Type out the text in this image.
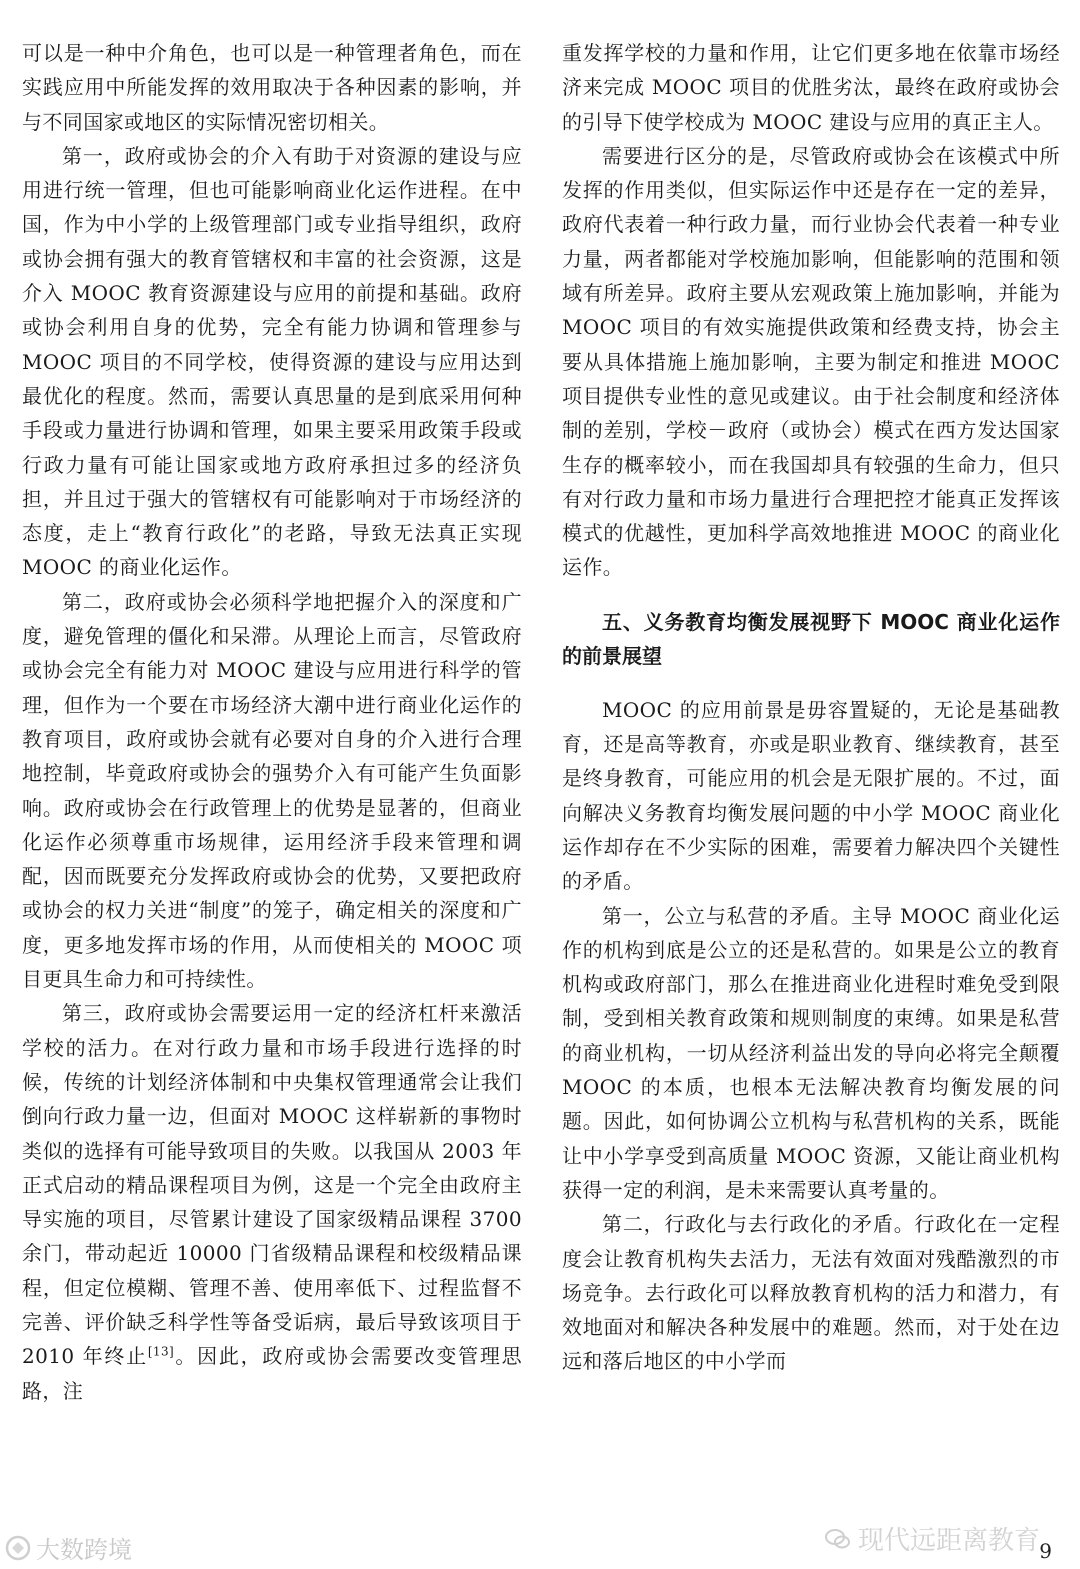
可以是一种中介角色，也可以是一种管理者角色，而在实践应用中所能发挥的效用取决于各种因素的影响，并与不同国家或地区的实际情况密切相关。

第一，政府或协会的介入有助于对资源的建设与应用进行统一管理，但也可能影响商业化运作进程。在中国，作为中小学的上级管理部门或专业指导组织，政府或协会拥有强大的教育管辖权和丰富的社会资源，这是介入 MOOC 教育资源建设与应用的前提和基础。政府或协会利用自身的优势，完全有能力协调和管理参与 MOOC 项目的不同学校，使得资源的建设与应用达到最优化的程度。然而，需要认真思量的是到底采用何种手段或力量进行协调和管理，如果主要采用政策手段或行政力量有可能让国家或地方政府承担过多的经济负担，并且过于强大的管辖权有可能影响对于市场经济的态度，走上“教育行政化”的老路，导致无法真正实现 MOOC 的商业化运作。

第二，政府或协会必须科学地把握介入的深度和广度，避免管理的僵化和呆滞。从理论上而言，尽管政府或协会完全有能力对 MOOC 建设与应用进行科学的管理，但作为一个要在市场经济大潮中进行商业化运作的教育项目，政府或协会就有必要对自身的介入进行合理地控制，毕竟政府或协会的强势介入有可能产生负面影响。政府或协会在行政管理上的优势是显著的，但商业化运作必须尊重市场规律，运用经济手段来管理和调配，因而既要充分发挥政府或协会的优势，又要把政府或协会的权力关进“制度”的笼子，确定相关的深度和广度，更多地发挥市场的作用，从而使相关的 MOOC 项目更具生命力和可持续性。

第三，政府或协会需要运用一定的经济杠杆来激活学校的活力。在对行政力量和市场手段进行选择的时候，传统的计划经济体制和中央集权管理通常会让我们倒向行政力量一边，但面对 MOOC 这样崭新的事物时类似的选择有可能导致项目的失败。以我国从 2003 年正式启动的精品课程项目为例，这是一个完全由政府主导实施的项目，尽管累计建设了国家级精品课程 3700 余门，带动起近 10000 门省级精品课程和校级精品课程，但定位模糊、管理不善、使用率低下、过程监督不完善、评价缺乏科学性等备受诟病，最后导致该项目于 2010 年终止[13]。因此，政府或协会需要改变管理思路，注

重发挥学校的力量和作用，让它们更多地在依靠市场经济来完成 MOOC 项目的优胜劣汰，最终在政府或协会的引导下使学校成为 MOOC 建设与应用的真正主人。

需要进行区分的是，尽管政府或协会在该模式中所发挥的作用类似，但实际运作中还是存在一定的差异，政府代表着一种行政力量，而行业协会代表着一种专业力量，两者都能对学校施加影响，但能影响的范围和领域有所差异。政府主要从宏观政策上施加影响，并能为 MOOC 项目的有效实施提供政策和经费支持，协会主要从具体措施上施加影响，主要为制定和推进 MOOC 项目提供专业性的意见或建议。由于社会制度和经济体制的差别，学校－政府（或协会）模式在西方发达国家生存的概率较小，而在我国却具有较强的生命力，但只有对行政力量和市场力量进行合理把控才能真正发挥该模式的优越性，更加科学高效地推进 MOOC 的商业化运作。

五、义务教育均衡发展视野下 MOOC 商业化运作的前景展望

MOOC 的应用前景是毋容置疑的，无论是基础教育，还是高等教育，亦或是职业教育、继续教育，甚至是终身教育，可能应用的机会是无限扩展的。不过，面向解决义务教育均衡发展问题的中小学 MOOC 商业化运作却存在不少实际的困难，需要着力解决四个关键性的矛盾。

第一，公立与私营的矛盾。主导 MOOC 商业化运作的机构到底是公立的还是私营的。如果是公立的教育机构或政府部门，那么在推进商业化进程时难免受到限制，受到相关教育政策和规则制度的束缚。如果是私营的商业机构，一切从经济利益出发的导向必将完全颠覆 MOOC 的本质，也根本无法解决教育均衡发展的问题。因此，如何协调公立机构与私营机构的关系，既能让中小学享受到高质量 MOOC 资源，又能让商业机构获得一定的利润，是未来需要认真考量的。

第二，行政化与去行政化的矛盾。行政化在一定程度会让教育机构失去活力，无法有效面对残酷激烈的市场竞争。去行政化可以释放教育机构的活力和潜力，有效地面对和解决各种发展中的难题。然而，对于处在边远和落后地区的中小学而

大数跨境	现代远距离教育 9
